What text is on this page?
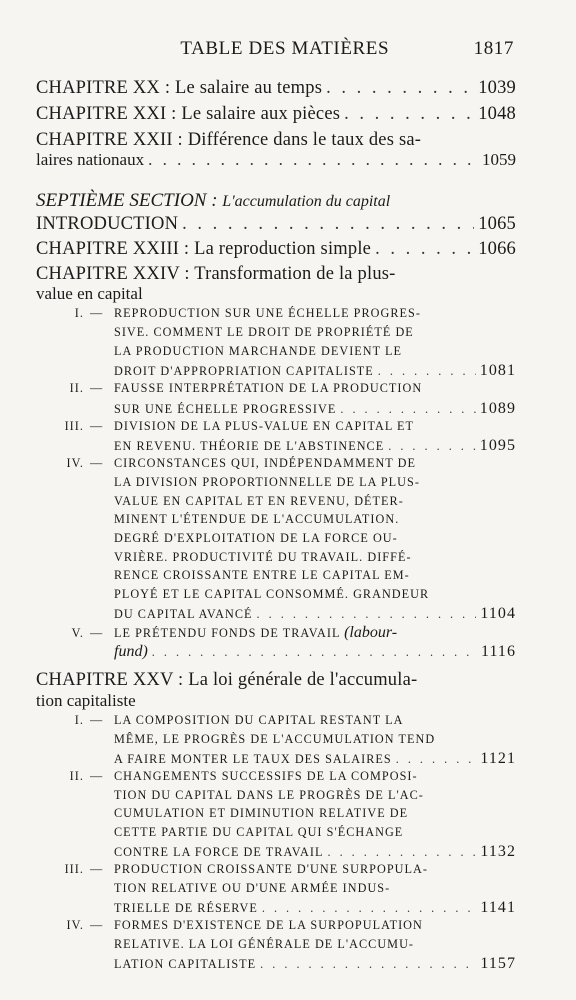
TABLE DES MATIÈRES	1817
CHAPITRE XX : Le salaire au temps . . .	1039
CHAPITRE XXI : Le salaire aux pièces . . .	1048
CHAPITRE XXII : Différence dans le taux des sa-
laires nationaux . . .	1059
SEPTIÈME SECTION : L'accumulation du capital
INTRODUCTION . . .	1065
CHAPITRE XXIII : La reproduction simple . . .	1066
CHAPITRE XXIV : Transformation de la plus-
value en capital
I. — REPRODUCTION SUR UNE ÉCHELLE PROGRES-
SIVE. COMMENT LE DROIT DE PROPRIÉTÉ DE
LA PRODUCTION MARCHANDE DEVIENT LE
DROIT D'APPROPRIATION CAPITALISTE . . .	1081
II. — FAUSSE INTERPRÉTATION DE LA PRODUCTION
SUR UNE ÉCHELLE PROGRESSIVE . . .	1089
III. — DIVISION DE LA PLUS-VALUE EN CAPITAL ET
EN REVENU. THÉORIE DE L'ABSTINENCE . . .	1095
IV. — CIRCONSTANCES QUI, INDÉPENDAMMENT DE
LA DIVISION PROPORTIONNELLE DE LA PLUS-
VALUE EN CAPITAL ET EN REVENU, DÉTER-
MINENT L'ÉTENDUE DE L'ACCUMULATION.
DEGRÉ D'EXPLOITATION DE LA FORCE OU-
VRIÈRE. PRODUCTIVITÉ DU TRAVAIL. DIFFÉ-
RENCE CROISSANTE ENTRE LE CAPITAL EM-
PLOYÉ ET LE CAPITAL CONSOMMÉ. GRANDEUR
DU CAPITAL AVANCÉ . . .	1104
V. — LE PRÉTENDU FONDS DE TRAVAIL (labour-
fund) . . .	1116
CHAPITRE XXV : La loi générale de l'accumula-
tion capitaliste
I. — LA COMPOSITION DU CAPITAL RESTANT LA
MÊME, LE PROGRÈS DE L'ACCUMULATION TEND
A FAIRE MONTER LE TAUX DES SALAIRES . . .	1121
II. — CHANGEMENTS SUCCESSIFS DE LA COMPOSI-
TION DU CAPITAL DANS LE PROGRÈS DE L'AC-
CUMULATION ET DIMINUTION RELATIVE DE
CETTE PARTIE DU CAPITAL QUI S'ÉCHANGE
CONTRE LA FORCE DE TRAVAIL . . .	1132
III. — PRODUCTION CROISSANTE D'UNE SURPOPULA-
TION RELATIVE OU D'UNE ARMÉE INDUS-
TRIELLE DE RÉSERVE . . .	1141
IV. — FORMES D'EXISTENCE DE LA SURPOPULATION
RELATIVE. LA LOI GÉNÉRALE DE L'ACCUMU-
LATION CAPITALISTE . . .	1157
